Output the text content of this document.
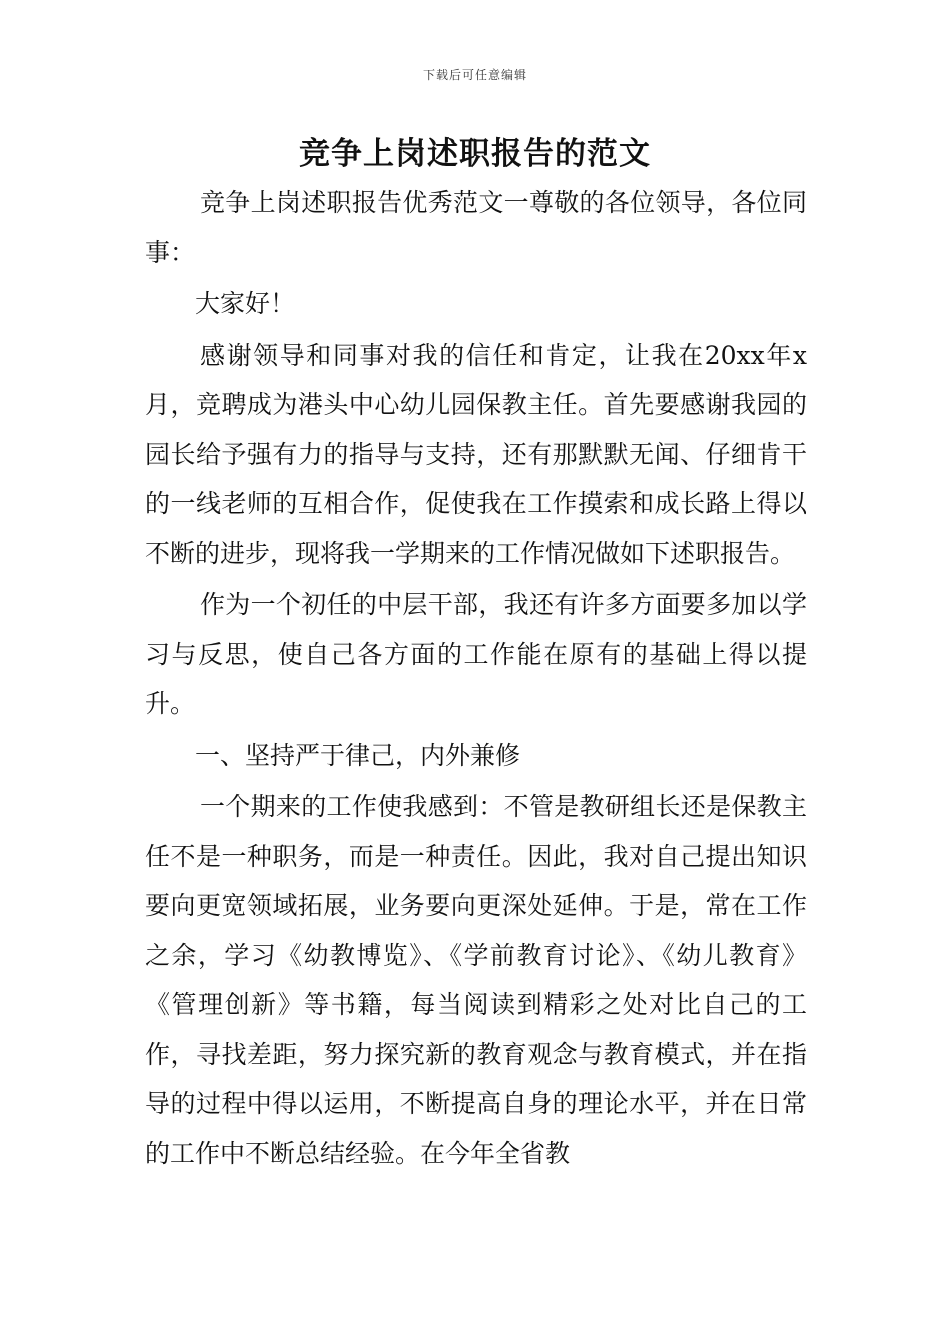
下载后可任意编辑
竞争上岗述职报告的范文

竞争上岗述职报告优秀范文一尊敬的各位领导，各位同事：

大家好！

感谢领导和同事对我的信任和肯定，让我在20xx年x月，竞聘成为港头中心幼儿园保教主任。首先要感谢我园的园长给予强有力的指导与支持，还有那默默无闻、仔细肯干的一线老师的互相合作，促使我在工作摸索和成长路上得以不断的进步，现将我一学期来的工作情况做如下述职报告。

作为一个初任的中层干部，我还有许多方面要多加以学习与反思，使自己各方面的工作能在原有的基础上得以提升。

一、坚持严于律己，内外兼修

一个期来的工作使我感到：不管是教研组长还是保教主任不是一种职务，而是一种责任。因此，我对自己提出知识要向更宽领域拓展，业务要向更深处延伸。于是，常在工作之余，学习《幼教博览》、《学前教育讨论》、《幼儿教育》《管理创新》等书籍，每当阅读到精彩之处对比自己的工作，寻找差距，努力探究新的教育观念与教育模式，并在指导的过程中得以运用，不断提高自身的理论水平，并在日常的工作中不断总结经验。在今年全省教
